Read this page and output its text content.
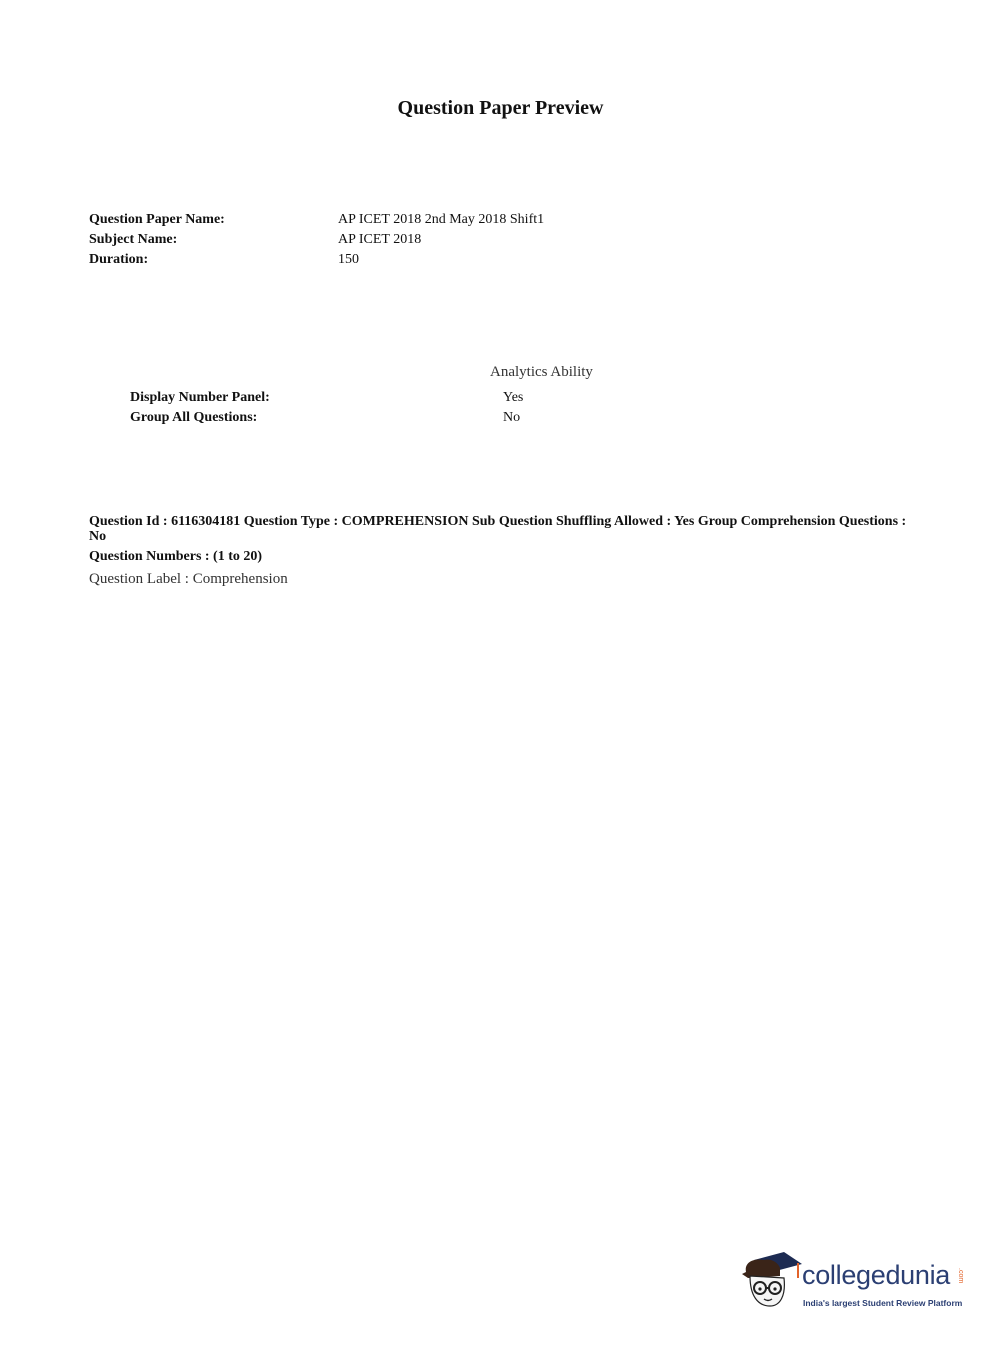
Question Paper Preview
Question Paper Name:	AP ICET 2018 2nd May 2018 Shift1
Subject Name:	AP ICET 2018
Duration:	150
Analytics Ability
Display Number Panel:	Yes
Group All Questions:	No
Question Id : 6116304181 Question Type : COMPREHENSION Sub Question Shuffling Allowed : Yes Group Comprehension Questions : No
Question Numbers : (1 to 20)
Question Label : Comprehension
collegedunia .com
India's largest Student Review Platform
